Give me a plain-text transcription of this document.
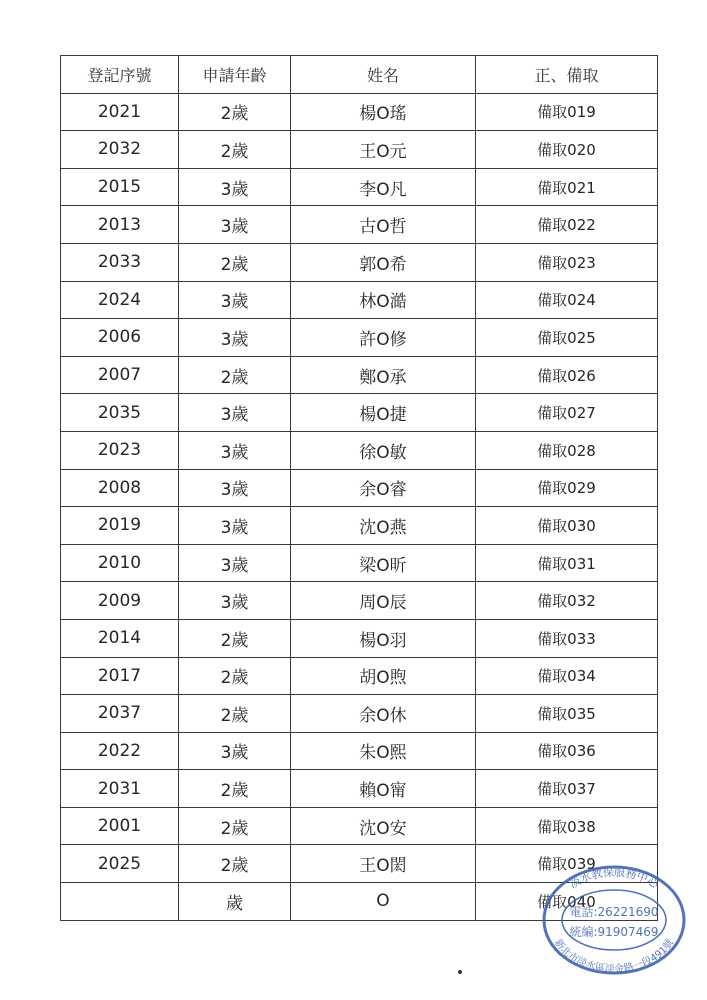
登記序號	申請年齡	姓名	正、備取
2021	2歲	楊O瑤	備取019
2032	2歲	王O元	備取020
2015	3歲	李O凡	備取021
2013	3歲	古O哲	備取022
2033	2歲	郭O希	備取023
2024	3歲	林O澔	備取024
2006	3歲	許O修	備取025
2007	2歲	鄭O承	備取026
2035	3歲	楊O捷	備取027
2023	3歲	徐O敏	備取028
2008	3歲	余O睿	備取029
2019	3歲	沈O燕	備取030
2010	3歲	梁O昕	備取031
2009	3歲	周O辰	備取032
2014	2歲	楊O羽	備取033
2017	2歲	胡O煦	備取034
2037	2歲	余O休	備取035
2022	3歲	朱O熙	備取036
2031	2歲	賴O甯	備取037
2001	2歲	沈O安	備取038
2025	2歲	王O閎	備取039
	歲	O	備取040
淡水教保服務中心
新北市淡水區淡金路一段491號
電話:26221690
統編:91907469
